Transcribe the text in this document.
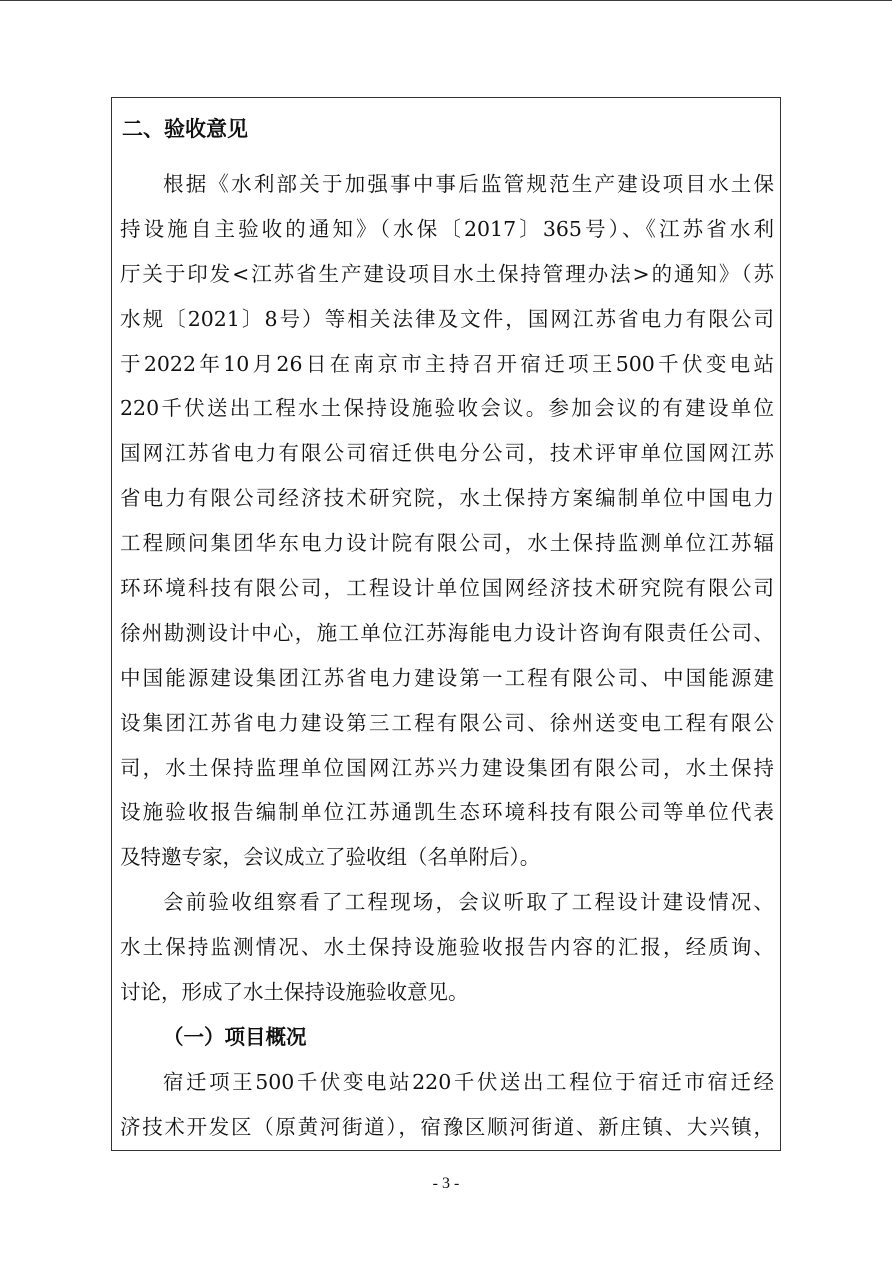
二、验收意见
根据《水利部关于加强事中事后监管规范生产建设项目水土保
持设施自主验收的通知》（水保〔2017〕365号）、《江苏省水利
厅关于印发<江苏省生产建设项目水土保持管理办法>的通知》（苏
水规〔2021〕8号）等相关法律及文件，国网江苏省电力有限公司
于2022年10月26日在南京市主持召开宿迁项王500千伏变电站
220千伏送出工程水土保持设施验收会议。参加会议的有建设单位
国网江苏省电力有限公司宿迁供电分公司，技术评审单位国网江苏
省电力有限公司经济技术研究院，水土保持方案编制单位中国电力
工程顾问集团华东电力设计院有限公司，水土保持监测单位江苏辐
环环境科技有限公司，工程设计单位国网经济技术研究院有限公司
徐州勘测设计中心，施工单位江苏海能电力设计咨询有限责任公司、
中国能源建设集团江苏省电力建设第一工程有限公司、中国能源建
设集团江苏省电力建设第三工程有限公司、徐州送变电工程有限公
司，水土保持监理单位国网江苏兴力建设集团有限公司，水土保持
设施验收报告编制单位江苏通凯生态环境科技有限公司等单位代表
及特邀专家，会议成立了验收组（名单附后）。
会前验收组察看了工程现场，会议听取了工程设计建设情况、
水土保持监测情况、水土保持设施验收报告内容的汇报，经质询、
讨论，形成了水土保持设施验收意见。
（一）项目概况
宿迁项王500千伏变电站220千伏送出工程位于宿迁市宿迁经
济技术开发区（原黄河街道），宿豫区顺河街道、新庄镇、大兴镇，
- 3 -
